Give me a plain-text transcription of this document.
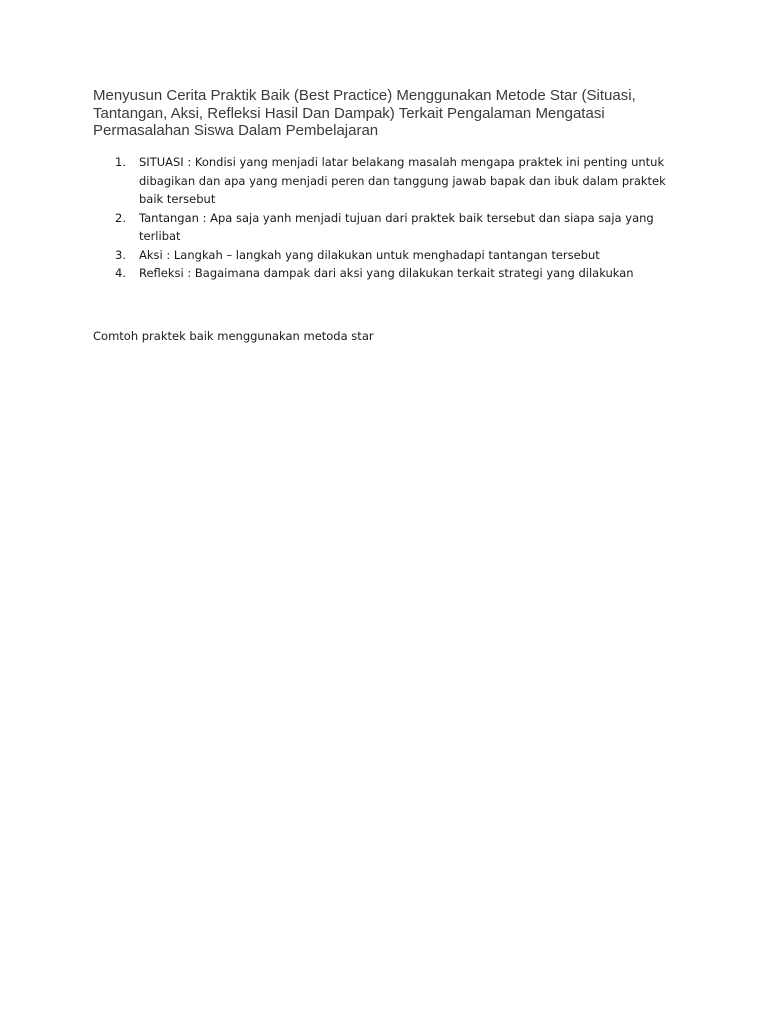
Menyusun Cerita Praktik Baik (Best Practice) Menggunakan Metode Star (Situasi, Tantangan, Aksi, Refleksi Hasil Dan Dampak) Terkait Pengalaman Mengatasi Permasalahan Siswa Dalam Pembelajaran
1. SITUASI : Kondisi yang menjadi latar belakang masalah mengapa praktek ini penting untuk dibagikan dan apa yang menjadi peren dan tanggung jawab bapak dan ibuk dalam praktek baik tersebut
2. Tantangan : Apa saja yanh menjadi tujuan dari praktek baik tersebut dan siapa saja yang terlibat
3. Aksi : Langkah – langkah yang dilakukan untuk menghadapi tantangan tersebut
4. Refleksi : Bagaimana dampak dari aksi yang dilakukan terkait strategi yang dilakukan

Comtoh praktek baik menggunakan metoda star
